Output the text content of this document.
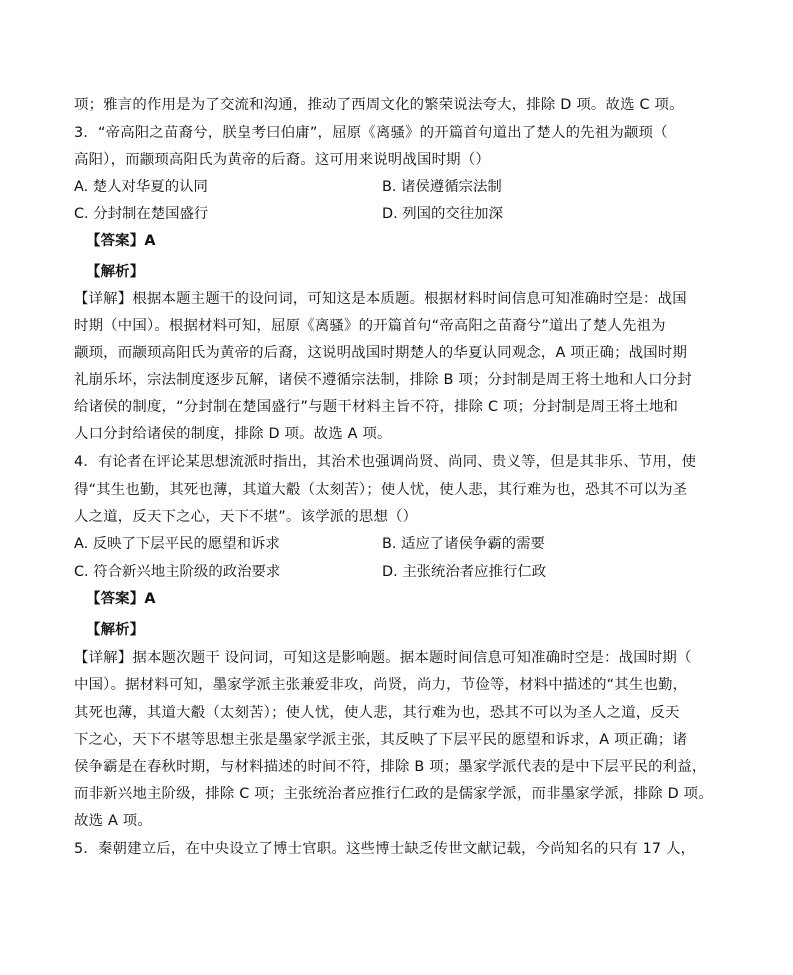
项；雅言的作用是为了交流和沟通，推动了西周文化的繁荣说法夸大，排除 D 项。故选 C 项。
3．“帝高阳之苗裔兮，朕皇考曰伯庸”，屈原《离骚》的开篇首句道出了楚人的先祖为颛顼（
高阳），而颛顼高阳氏为黄帝的后裔。这可用来说明战国时期（）
A. 楚人对华夏的认同	B. 诸侯遵循宗法制
C. 分封制在楚国盛行	D. 列国的交往加深
【答案】A
【解析】
【详解】根据本题主题干的设问词，可知这是本质题。根据材料时间信息可知准确时空是：战国
时期（中国）。根据材料可知，屈原《离骚》的开篇首句“帝高阳之苗裔兮”道出了楚人先祖为
颛顼，而颛顼高阳氏为黄帝的后裔，这说明战国时期楚人的华夏认同观念，A 项正确；战国时期
礼崩乐坏，宗法制度逐步瓦解，诸侯不遵循宗法制，排除 B 项；分封制是周王将土地和人口分封
给诸侯的制度，“分封制在楚国盛行”与题干材料主旨不符，排除 C 项；分封制是周王将土地和
人口分封给诸侯的制度，排除 D 项。故选 A 项。
4．有论者在评论某思想流派时指出，其治术也强调尚贤、尚同、贵义等，但是其非乐、节用，使
得“其生也勤，其死也薄，其道大觳（太刻苦）；使人忧，使人悲，其行难为也，恐其不可以为圣
人之道，反天下之心，天下不堪”。该学派的思想（）
A. 反映了下层平民的愿望和诉求	B. 适应了诸侯争霸的需要
C. 符合新兴地主阶级的政治要求	D. 主张统治者应推行仁政
【答案】A
【解析】
【详解】据本题次题干 设问词，可知这是影响题。据本题时间信息可知准确时空是：战国时期（
中国）。据材料可知，墨家学派主张兼爱非攻，尚贤，尚力，节俭等，材料中描述的“其生也勤，
其死也薄，其道大觳（太刻苦）；使人忧，使人悲，其行难为也，恐其不可以为圣人之道，反天
下之心，天下不堪等思想主张是墨家学派主张，其反映了下层平民的愿望和诉求，A 项正确；诸
侯争霸是在春秋时期，与材料描述的时间不符，排除 B 项；墨家学派代表的是中下层平民的利益，
而非新兴地主阶级，排除 C 项；主张统治者应推行仁政的是儒家学派，而非墨家学派，排除 D 项。
故选 A 项。
5．秦朝建立后，在中央设立了博士官职。这些博士缺乏传世文献记载，今尚知名的只有 17 人，
